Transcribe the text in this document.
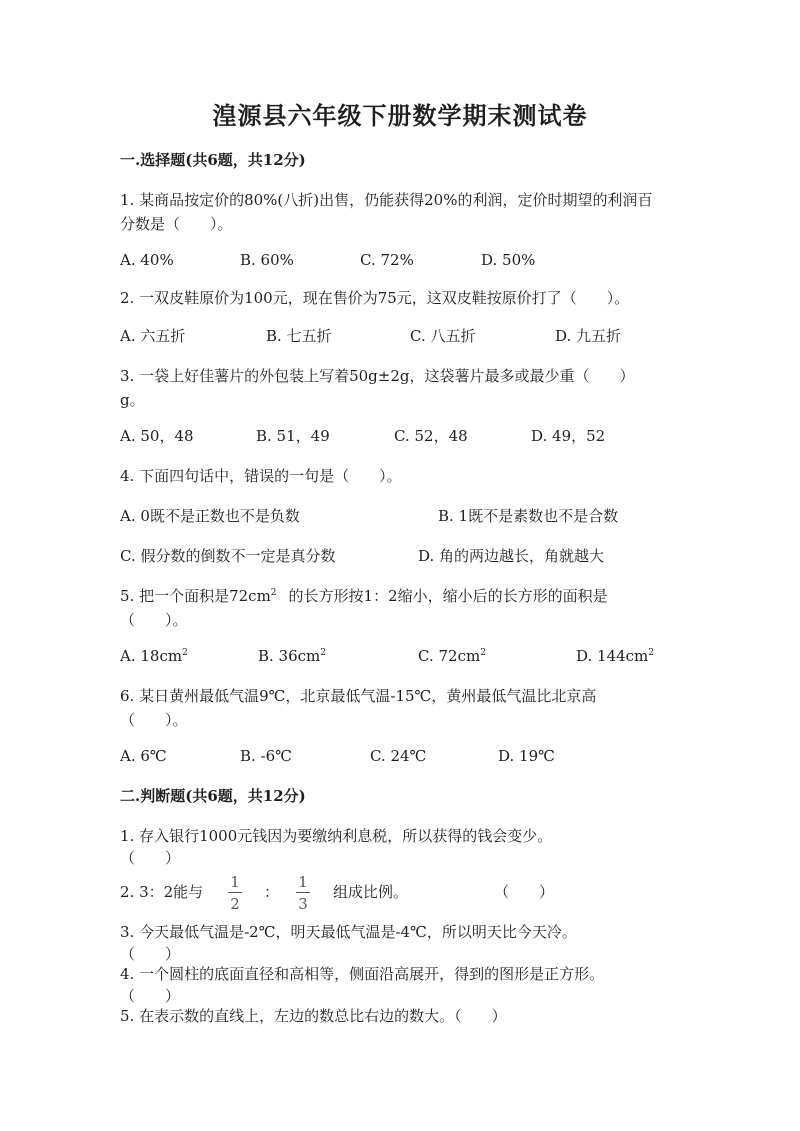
湟源县六年级下册数学期末测试卷
一.选择题(共6题，共12分)
1. 某商品按定价的80%(八折)出售，仍能获得20%的利润，定价时期望的利润百
分数是（　　）。
A. 40%	B. 60%	C. 72%	D. 50%
2. 一双皮鞋原价为100元，现在售价为75元，这双皮鞋按原价打了（　　）。
A. 六五折	B. 七五折	C. 八五折	D. 九五折
3. 一袋上好佳薯片的外包装上写着50g±2g，这袋薯片最多或最少重（　　）
g。
A. 50，48	B. 51，49	C. 52，48	D. 49，52
4. 下面四句话中，错误的一句是（　　）。
A. 0既不是正数也不是负数	B. 1既不是素数也不是合数
C. 假分数的倒数不一定是真分数	D. 角的两边越长，角就越大
5. 把一个面积是$72cm^2$ 的长方形按1：2缩小，缩小后的长方形的面积是
（　　）。
A. $18cm^2$	B. $36cm^2$	C. $72cm^2$	D. $144cm^2$
6. 某日黄州最低气温9℃，北京最低气温-15℃，黄州最低气温比北京高
（　　）。
A. 6℃	B. -6℃	C. 24℃	D. 19℃
二.判断题(共6题，共12分)
1. 存入银行1000元钱因为要缴纳利息税，所以获得的钱会变少。
（　　）
2. 3：2能与
1
2
：
1
3
组成比例。	（　　）
3. 今天最低气温是-2℃，明天最低气温是-4℃，所以明天比今天冷。
（　　）
4. 一个圆柱的底面直径和高相等，侧面沿高展开，得到的图形是正方形。
（　　）
5. 在表示数的直线上，左边的数总比右边的数大。（　　）
